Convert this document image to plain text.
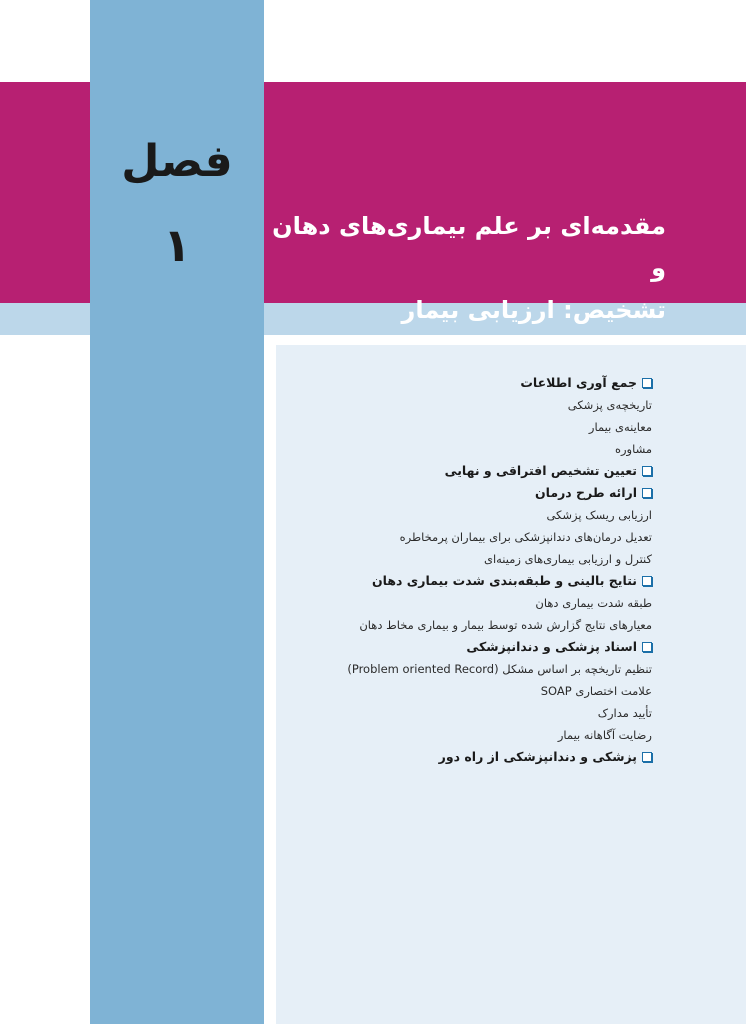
فصل
۱	مقدمه‌ای بر علم بیماری‌های دهان و
تشخیص: ارزیابی بیمار
جمع آوری اطلاعات
تاریخچه‌ی پزشکی
معاینه‌ی بیمار
مشاوره
تعیین تشخیص افتراقی و نهایی
ارائه طرح درمان
ارزیابی ریسک پزشکی
تعدیل درمان‌های دندانپزشکی برای بیماران پرمخاطره
کنترل و ارزیابی بیماری‌های زمینه‌ای
نتایج بالینی و طبقه‌بندی شدت بیماری دهان
طبقه شدت بیماری دهان
معیارهای نتایج گزارش شده توسط بیمار و بیماری مخاط دهان
اسناد پزشکی و دندانپزشکی
تنظیم تاریخچه بر اساس مشکل (Problem oriented Record)
علامت اختصاری SOAP
تأیید مدارک
رضایت آگاهانه بیمار
پزشکی و دندانپزشکی از راه دور
